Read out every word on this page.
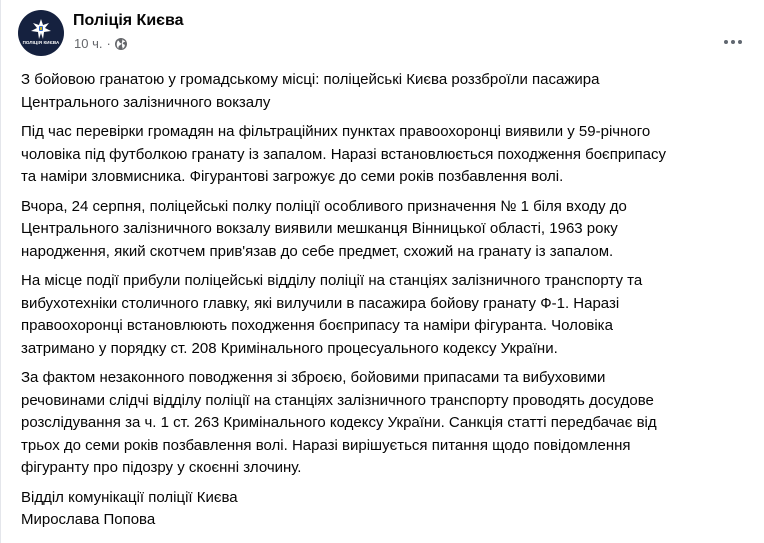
ПОЛІЦІЯ КИЄВА
Поліція Києва
10 ч. ·

З бойовою гранатою у громадському місці: поліцейські Києва роззброїли пасажира
Центрального залізничного вокзалу

Під час перевірки громадян на фільтраційних пунктах правоохоронці виявили у 59-річного
чоловіка під футболкою гранату із запалом. Наразі встановлюється походження боєприпасу
та наміри зловмисника. Фігурантові загрожує до семи років позбавлення волі.

Вчора, 24 серпня, поліцейські полку поліції особливого призначення № 1 біля входу до
Центрального залізничного вокзалу виявили мешканця Вінницької області, 1963 року
народження, який скотчем прив'язав до себе предмет, схожий на гранату із запалом.

На місце події прибули поліцейські відділу поліції на станціях залізничного транспорту та
вибухотехніки столичного главку, які вилучили в пасажира бойову гранату Ф-1. Наразі
правоохоронці встановлюють походження боєприпасу та наміри фігуранта. Чоловіка
затримано у порядку ст. 208 Кримінального процесуального кодексу України.

За фактом незаконного поводження зі зброєю, бойовими припасами та вибуховими
речовинами слідчі відділу поліції на станціях залізничного транспорту проводять досудове
розслідування за ч. 1 ст. 263 Кримінального кодексу України. Санкція статті передбачає від
трьох до семи років позбавлення волі. Наразі вирішується питання щодо повідомлення
фігуранту про підозру у скоєнні злочину.

Відділ комунікації поліції Києва
Мирослава Попова
